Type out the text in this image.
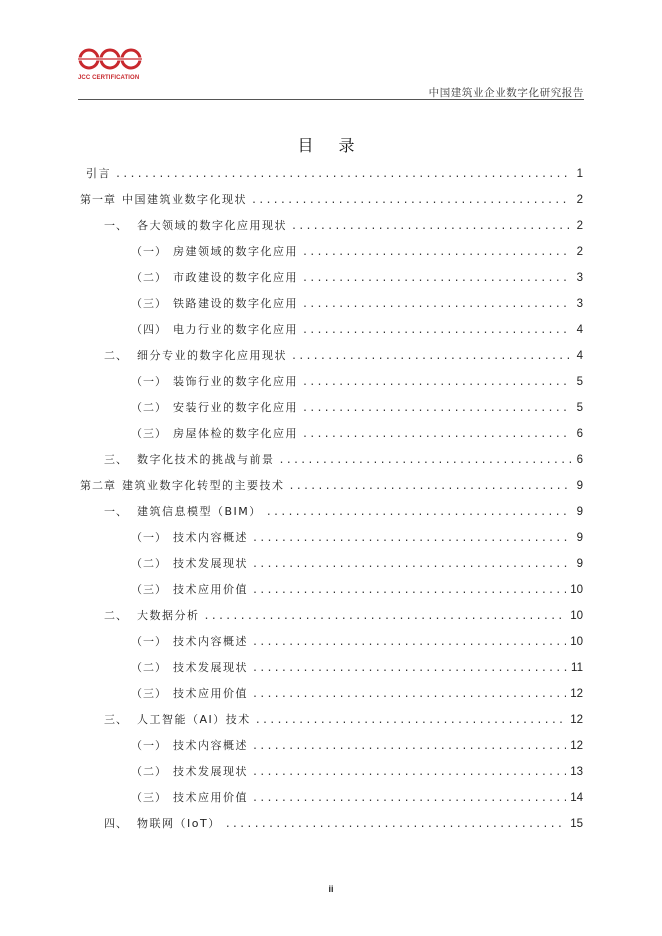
JCC CERTIFICATION
中国建筑业企业数字化研究报告
目 录
引言 .....	1
第一章 中国建筑业数字化现状 .....	2
一、 各大领域的数字化应用现状 .....	2
（一） 房建领域的数字化应用 .....	2
（二） 市政建设的数字化应用 .....	3
（三） 铁路建设的数字化应用 .....	3
（四） 电力行业的数字化应用 .....	4
二、 细分专业的数字化应用现状 .....	4
（一） 装饰行业的数字化应用 .....	5
（二） 安装行业的数字化应用 .....	5
（三） 房屋体检的数字化应用 .....	6
三、 数字化技术的挑战与前景 .....	6
第二章 建筑业数字化转型的主要技术 .....	9
一、 建筑信息模型（BIM） .....	9
（一） 技术内容概述 .....	9
（二） 技术发展现状 .....	9
（三） 技术应用价值 .....	10
二、 大数据分析 .....	10
（一） 技术内容概述 .....	10
（二） 技术发展现状 .....	11
（三） 技术应用价值 .....	12
三、 人工智能（AI）技术 .....	12
（一） 技术内容概述 .....	12
（二） 技术发展现状 .....	13
（三） 技术应用价值 .....	14
四、 物联网（IoT） .....	15
ii
